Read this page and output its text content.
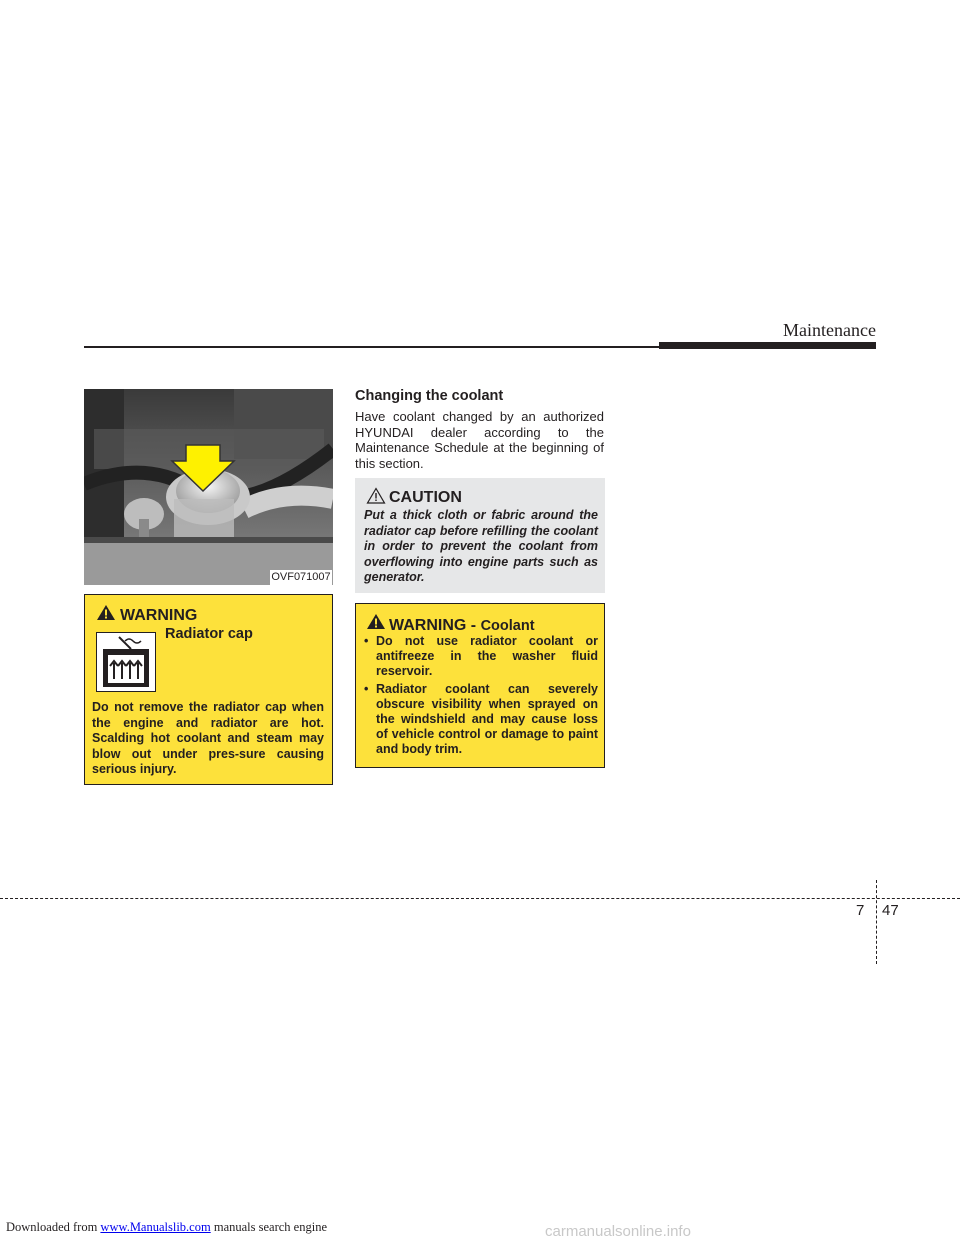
Maintenance
OVF071007
WARNING
Radiator cap
Do not remove the radiator cap when the engine and radiator are hot. Scalding hot coolant and steam may blow out under pres-sure causing serious injury.
Changing the coolant
Have coolant changed by an authorized HYUNDAI dealer according to the Maintenance Schedule at the beginning of this section.
CAUTION
Put a thick cloth or fabric around the radiator cap before refilling the coolant in order to prevent the coolant from overflowing into engine parts such as generator.
WARNING - Coolant
• Do not use radiator coolant or antifreeze in the washer fluid reservoir.
• Radiator coolant can severely obscure visibility when sprayed on the windshield and may cause loss of vehicle control or damage to paint and body trim.
7 47
Downloaded from www.Manualslib.com manuals search engine	carmanualsonline.info
